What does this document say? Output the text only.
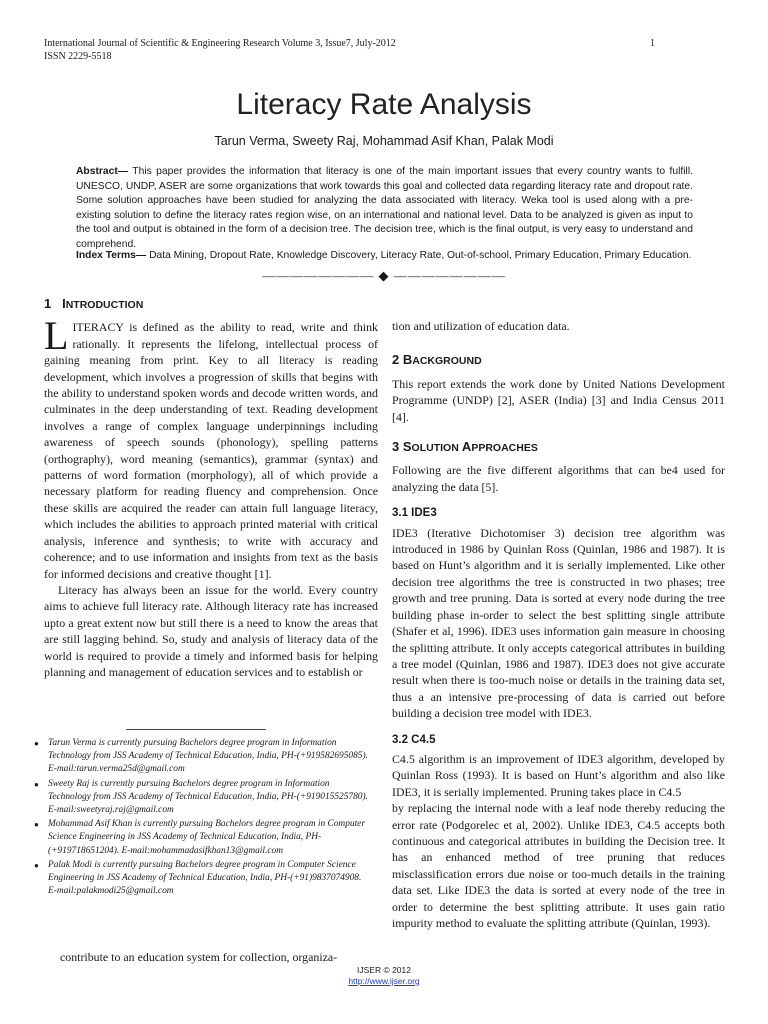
International Journal of Scientific & Engineering Research Volume 3, Issue7, July-2012
ISSN 2229-5518
1
Literacy Rate Analysis
Tarun Verma, Sweety Raj, Mohammad Asif Khan, Palak Modi
Abstract— This paper provides the information that literacy is one of the main important issues that every country wants to fulfill. UNESCO, UNDP, ASER are some organizations that work towards this goal and collected data regarding literacy rate and dropout rate. Some solution approaches have been studied for analyzing the data associated with literacy. Weka tool is used along with a pre-existing solution to define the literacy rates region wise, on an international and national level. Data to be analyzed is given as input to the tool and output is obtained in the form of a decision tree. The decision tree, which is the final output, is very easy to understand and comprehend.
Index Terms— Data Mining, Dropout Rate, Knowledge Discovery, Literacy Rate, Out-of-school, Primary Education, Primary Education.
———————— ◆ ————————
1 INTRODUCTION

LITERACY is defined as the ability to read, write and think rationally. It represents the lifelong, intellectual process of gaining meaning from print. Key to all literacy is reading development, which involves a progression of skills that begins with the ability to understand spoken words and decode written words, and culminates in the deep understanding of text. Reading development involves a range of complex language underpinnings including awareness of speech sounds (phonology), spelling patterns (orthography), word meaning (semantics), grammar (syntax) and patterns of word formation (morphology), all of which provide a necessary platform for reading fluency and comprehension. Once these skills are acquired the reader can attain full language literacy, which includes the abilities to approach printed material with critical analysis, inference and synthesis; to write with accuracy and coherence; and to use information and insights from text as the basis for informed decisions and creative thought [1].

Literacy has always been an issue for the world. Every country aims to achieve full literacy rate. Although literacy rate has increased upto a great extent now but still there is a need to know the areas that are still lagging behind. So, study and analysis of literacy data of the world is required to provide a timely and informed basis for helping planning and management of education services and to establish or

● Tarun Verma is currently pursuing Bachelors degree program in Information Technology from JSS Academy of Technical Education, India, PH-(+919582695085). E-mail:tarun.verma25d@gmail.com
● Sweety Raj is currently pursuing Bachelors degree program in Information Technology from JSS Academy of Technical Education, India, PH-(+919015525780). E-mail:sweetyraj.raj@gmail.com
● Mohammad Asif Khan is currently pursuing Bachelors degree program in Computer Science Engineering in JSS Academy of Technical Education, India, PH-(+919718651204). E-mail:mohammadasifkhan13@gmail.com
● Palak Modi is currently pursuing Bachelors degree program in Computer Science Engineering in JSS Academy of Technical Education, India, PH-(+91)9837074908. E-mail:palakmodi25@gmail.com
contribute to an education system for collection, organiza-

tion and utilization of education data.

2 BACKGROUND

This report extends the work done by United Nations Development Programme (UNDP) [2], ASER (India) [3] and India Census 2011 [4].

3 SOLUTION APPROACHES

Following are the five different algorithms that can be4 used for analyzing the data [5].

3.1 IDE3

IDE3 (Iterative Dichotomiser 3) decision tree algorithm was introduced in 1986 by Quinlan Ross (Quinlan, 1986 and 1987). It is based on Hunt’s algorithm and it is serially implemented. Like other decision tree algorithms the tree is constructed in two phases; tree growth and tree pruning. Data is sorted at every node during the tree building phase in-order to select the best splitting single attribute (Shafer et al, 1996). IDE3 uses information gain measure in choosing the splitting attribute. It only accepts categorical attributes in building a tree model (Quinlan, 1986 and 1987). IDE3 does not give accurate result when there is too-much noise or details in the training data set, thus a an intensive pre-processing of data is carried out before building a decision tree model with IDE3.

3.2 C4.5

C4.5 algorithm is an improvement of IDE3 algorithm, developed by Quinlan Ross (1993). It is based on Hunt’s algorithm and also like IDE3, it is serially implemented. Pruning takes place in C4.5

by replacing the internal node with a leaf node thereby reducing the error rate (Podgorelec et al, 2002). Unlike IDE3, C4.5 accepts both continuous and categorical attributes in building the Decision tree. It has an enhanced method of tree pruning that reduces misclassification errors due noise or too-much details in the training data set. Like IDE3 the data is sorted at every node of the tree in order to determine the best splitting attribute. It uses gain ratio impurity method to evaluate the splitting attribute (Quinlan, 1993).

IJSER © 2012
http://www.ijser.org
